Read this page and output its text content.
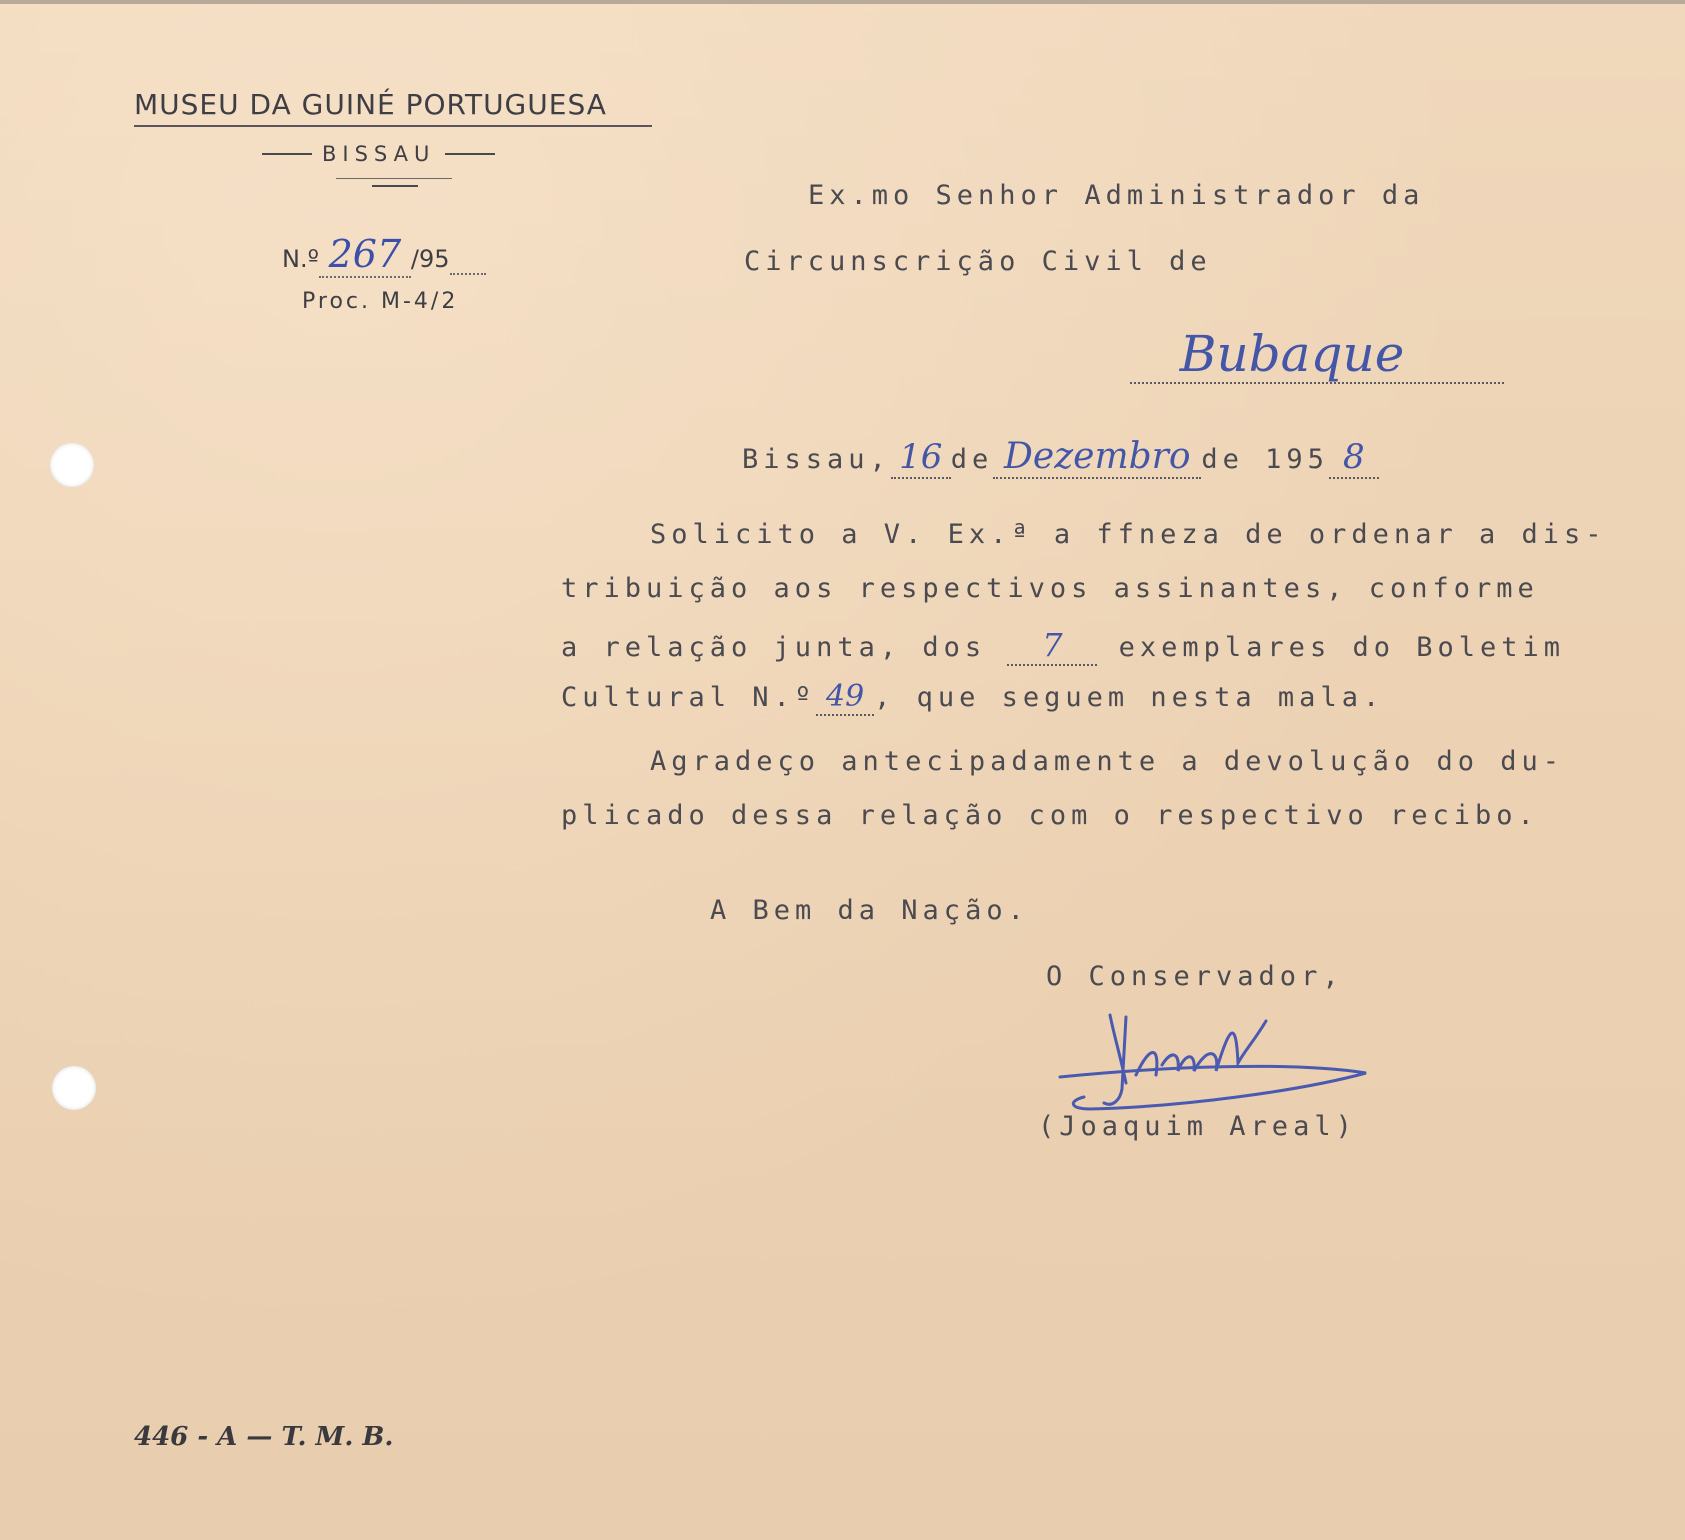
MUSEU DA GUINÉ PORTUGUESA
BISSAU
N.º 267 /95
Proc. M-4/2
Ex.mo Senhor Administrador da
Circunscrição Civil de
Bubaque
Bissau, 16 de Dezembro de 195 8
Solicito a V. Ex.ª a ffneza de ordenar a dis-
tribuição aos respectivos assinantes, conforme
a relação junta, dos 7 exemplares do Boletim
Cultural N.º 49 , que seguem nesta mala.
Agradeço antecipadamente a devolução do du-
plicado dessa relação com o respectivo recibo.
A Bem da Nação.
O Conservador,
(Joaquim Areal)
446 - A — T. M. B.
